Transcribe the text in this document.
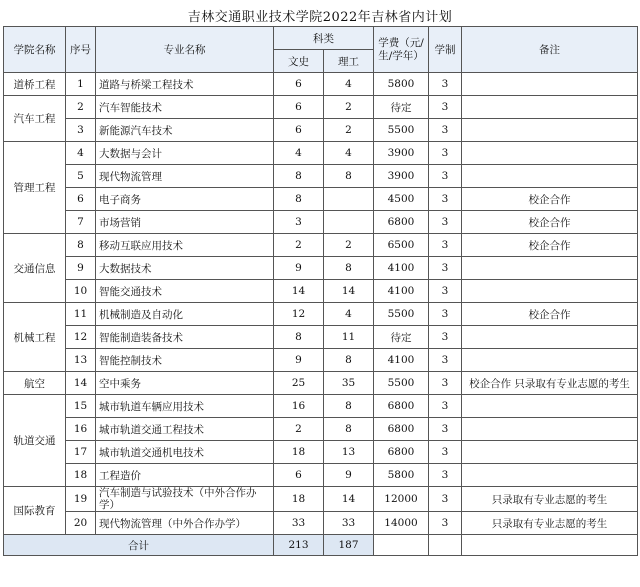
吉林交通职业技术学院2022年吉林省内计划
学院名称	序号	专业名称	科类		学费（元/生/学年）	学制	备注
			文史	理工			
道桥工程	1	道路与桥梁工程技术	6	4	5800	3	
汽车工程	2	汽车智能技术	6	2	待定	3	
	3	新能源汽车技术	6	2	5500	3	
管理工程	4	大数据与会计	4	4	3900	3	
	5	现代物流管理	8	8	3900	3	
	6	电子商务	8		4500	3	校企合作
	7	市场营销	3		6800	3	校企合作
交通信息	8	移动互联应用技术	2	2	6500	3	校企合作
	9	大数据技术	9	8	4100	3	
	10	智能交通技术	14	14	4100	3	
机械工程	11	机械制造及自动化	12	4	5500	3	校企合作
	12	智能制造装备技术	8	11	待定	3	
	13	智能控制技术	9	8	4100	3	
航空	14	空中乘务	25	35	5500	3	校企合作 只录取有专业志愿的考生
轨道交通	15	城市轨道车辆应用技术	16	8	6800	3	
	16	城市轨道交通工程技术	2	8	6800	3	
	17	城市轨道交通机电技术	18	13	6800	3	
	18	工程造价	6	9	5800	3	
国际教育	19	汽车制造与试验技术（中外合作办学）	18	14	12000	3	只录取有专业志愿的考生
	20	现代物流管理（中外合作办学）	33	33	14000	3	只录取有专业志愿的考生
合计			213	187			
